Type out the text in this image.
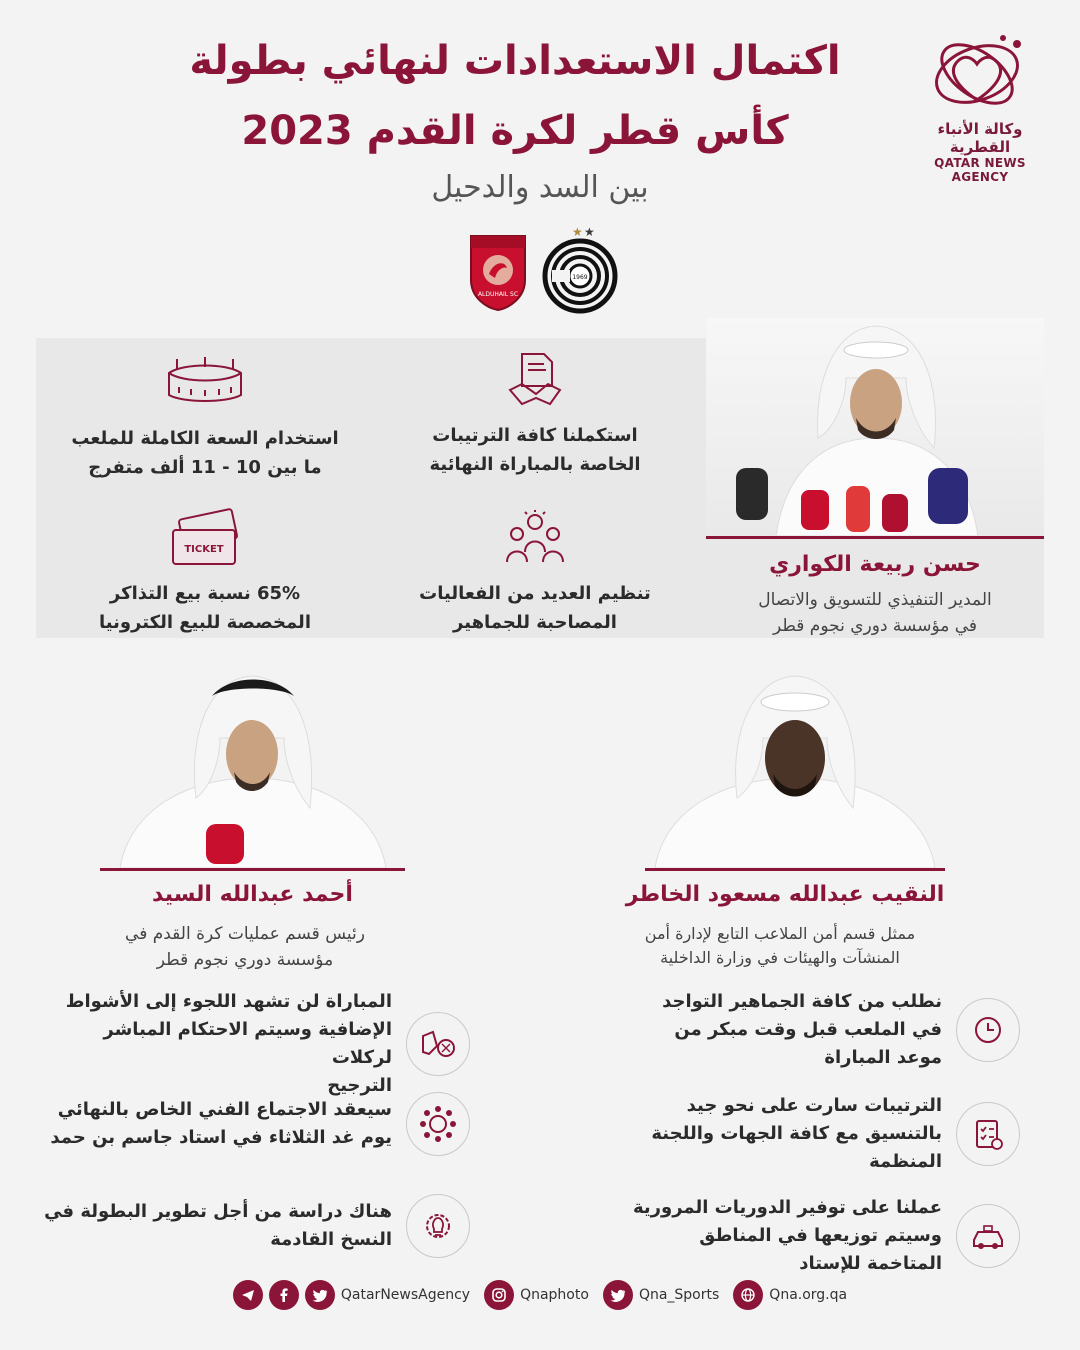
اكتمال الاستعدادات لنهائي بطولة
كأس قطر لكرة القدم 2023
بين السد والدحيل
وكالة الأنباء القطرية
QATAR NEWS AGENCY
ALDUHAIL SC
★ ★
1969
حسن ربيعة الكواري
المدير التنفيذي للتسويق والاتصال
في مؤسسة دوري نجوم قطر
استكملنا كافة الترتيبات
الخاصة بالمباراة النهائية
استخدام السعة الكاملة للملعب
ما بين 10 - 11 ألف متفرج
تنظيم العديد من الفعاليات
المصاحبة للجماهير
TICKET
65% نسبة بيع التذاكر
المخصصة للبيع الكترونيا
النقيب عبدالله مسعود الخاطر
ممثل قسم أمن الملاعب التابع لإدارة أمن
المنشآت والهيئات في وزارة الداخلية
نطلب من كافة الجماهير التواجد
في الملعب قبل وقت مبكر من
موعد المباراة
الترتيبات سارت على نحو جيد
بالتنسيق مع كافة الجهات واللجنة
المنظمة
عملنا على توفير الدوريات المرورية
وسيتم توزيعها في المناطق
المتاخمة للإستاد
أحمد عبدالله السيد
رئيس قسم عمليات كرة القدم في
مؤسسة دوري نجوم قطر
المباراة لن تشهد اللجوء إلى الأشواط
الإضافية وسيتم الاحتكام المباشر لركلات
الترجيح
سيعقد الاجتماع الفني الخاص بالنهائي
يوم غد الثلاثاء في استاد جاسم بن حمد
هناك دراسة من أجل تطوير البطولة في
النسخ القادمة
QatarNewsAgency	Qnaphoto	Qna_Sports	Qna.org.qa
